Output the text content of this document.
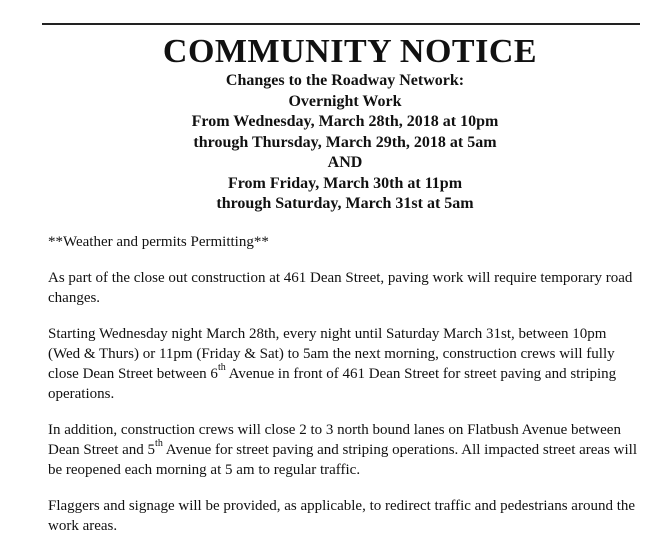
COMMUNITY NOTICE
Changes to the Roadway Network:
Overnight Work
From Wednesday, March 28th, 2018 at 10pm
through Thursday, March 29th, 2018 at 5am
AND
From Friday, March 30th at 11pm
through Saturday, March 31st at 5am

**Weather and permits Permitting**

As part of the close out construction at 461 Dean Street, paving work will require temporary road changes.

Starting Wednesday night March 28th, every night until Saturday March 31st, between 10pm (Wed & Thurs) or 11pm (Friday & Sat) to 5am the next morning, construction crews will fully close Dean Street between 6th Avenue in front of 461 Dean Street for street paving and striping operations.

In addition, construction crews will close 2 to 3 north bound lanes on Flatbush Avenue between Dean Street and 5th Avenue for street paving and striping operations. All impacted street areas will be reopened each morning at 5 am to regular traffic.

Flaggers and signage will be provided, as applicable, to redirect traffic and pedestrians around the work areas.
